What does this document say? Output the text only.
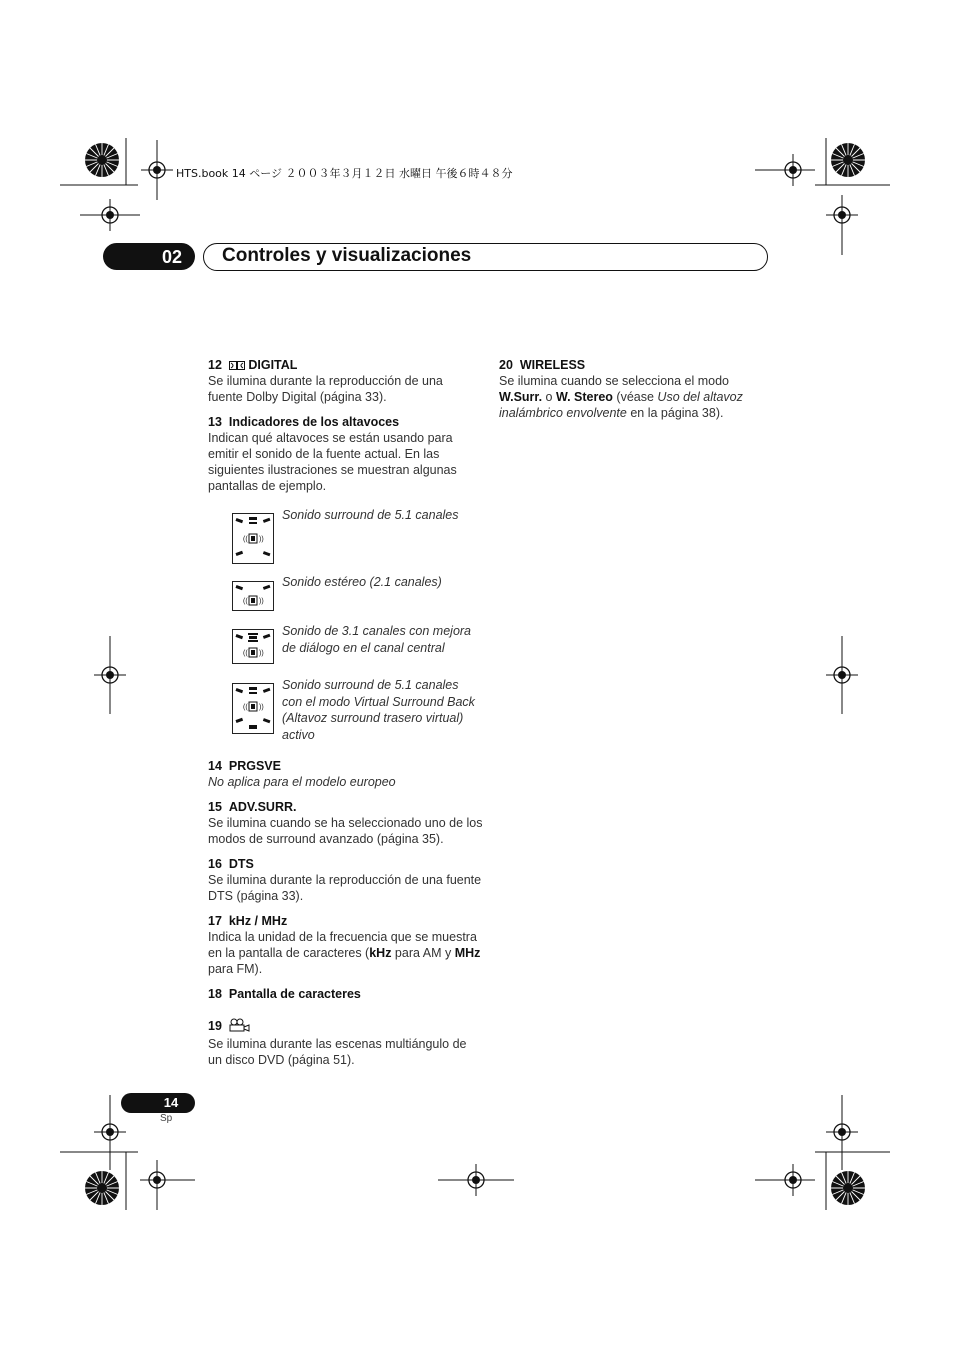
HTS.book 14 ページ ２００３年３月１２日 水曜日 午後６時４８分
02	Controles y visualizaciones
12 DIGITAL
Se ilumina durante la reproducción de una fuente Dolby Digital (página 33).
13 Indicadores de los altavoces
Indican qué altavoces se están usando para emitir el sonido de la fuente actual. En las siguientes ilustraciones se muestran algunas pantallas de ejemplo.
(( ))
Sonido surround de 5.1 canales
(( ))
Sonido estéreo (2.1 canales)
(( ))
Sonido de 3.1 canales con mejora de diálogo en el canal central
(( ))
Sonido surround de 5.1 canales con el modo Virtual Surround Back (Altavoz surround trasero virtual) activo
14 PRGSVE
No aplica para el modelo europeo
15 ADV.SURR.
Se ilumina cuando se ha seleccionado uno de los modos de surround avanzado (página 35).
16 DTS
Se ilumina durante la reproducción de una fuente DTS (página 33).
17 kHz / MHz
Indica la unidad de la frecuencia que se muestra en la pantalla de caracteres (kHz para AM y MHz para FM).
18 Pantalla de caracteres
19
Se ilumina durante las escenas multiángulo de un disco DVD (página 51).
20 WIRELESS
Se ilumina cuando se selecciona el modo W.Surr. o W. Stereo (véase Uso del altavoz inalámbrico envolvente en la página 38).
14
Sp
